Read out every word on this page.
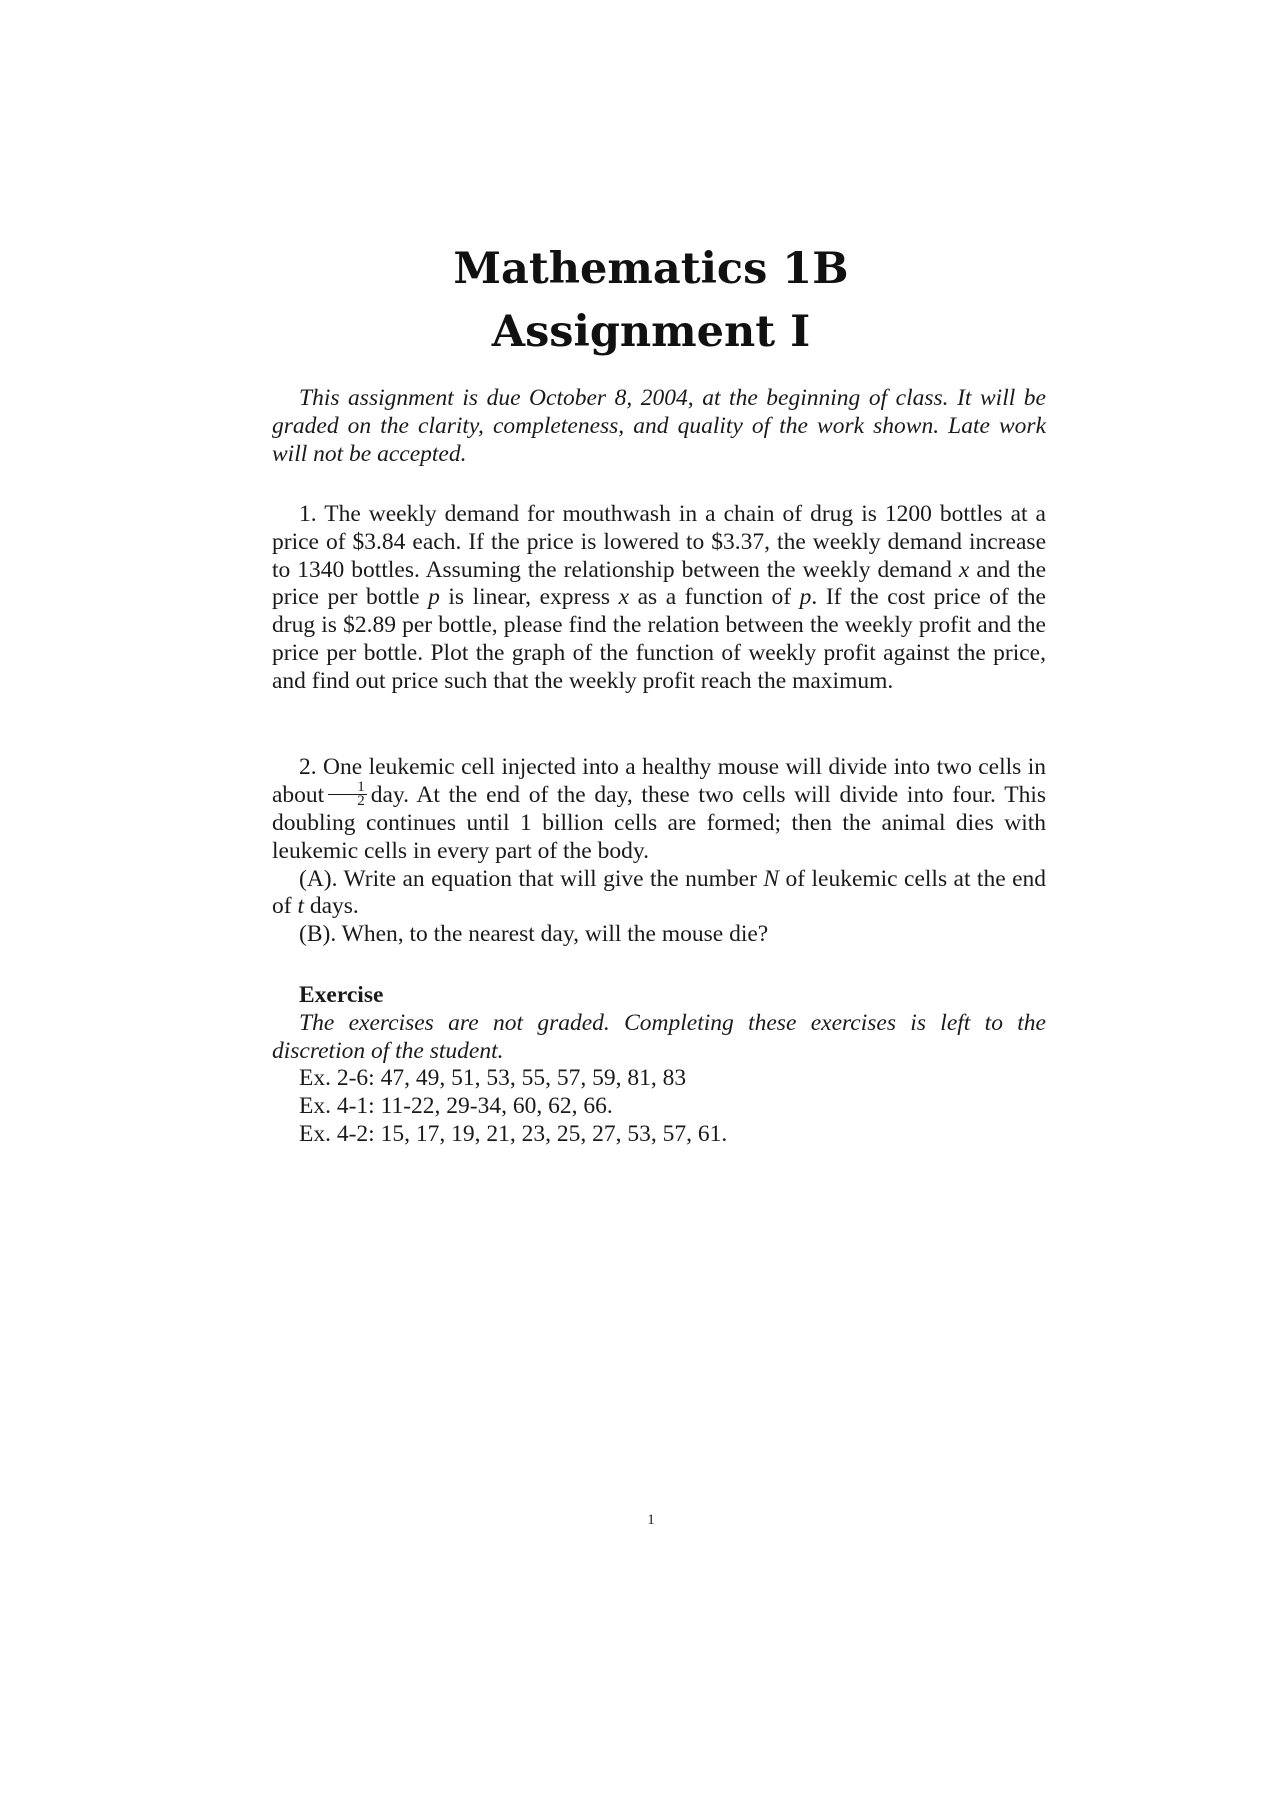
Mathematics 1B
Assignment I

This assignment is due October 8, 2004, at the beginning of class. It will be graded on the clarity, completeness, and quality of the work shown. Late work will not be accepted.

1. The weekly demand for mouthwash in a chain of drug is 1200 bottles at a price of $3.84 each. If the price is lowered to $3.37, the weekly demand increase to 1340 bottles. Assuming the relationship between the weekly demand x and the price per bottle p is linear, express x as a function of p. If the cost price of the drug is $2.89 per bottle, please find the relation between the weekly profit and the price per bottle. Plot the graph of the function of weekly profit against the price, and find out price such that the weekly profit reach the maximum.

2. One leukemic cell injected into a healthy mouse will divide into two cells in about $\frac{1}{2}$ day. At the end of the day, these two cells will divide into four. This doubling continues until 1 billion cells are formed; then the animal dies with leukemic cells in every part of the body.

(A). Write an equation that will give the number N of leukemic cells at the end of t days.

(B). When, to the nearest day, will the mouse die?

Exercise

The exercises are not graded. Completing these exercises is left to the discretion of the student.

Ex. 2-6: 47, 49, 51, 53, 55, 57, 59, 81, 83

Ex. 4-1: 11-22, 29-34, 60, 62, 66.

Ex. 4-2: 15, 17, 19, 21, 23, 25, 27, 53, 57, 61.

1
